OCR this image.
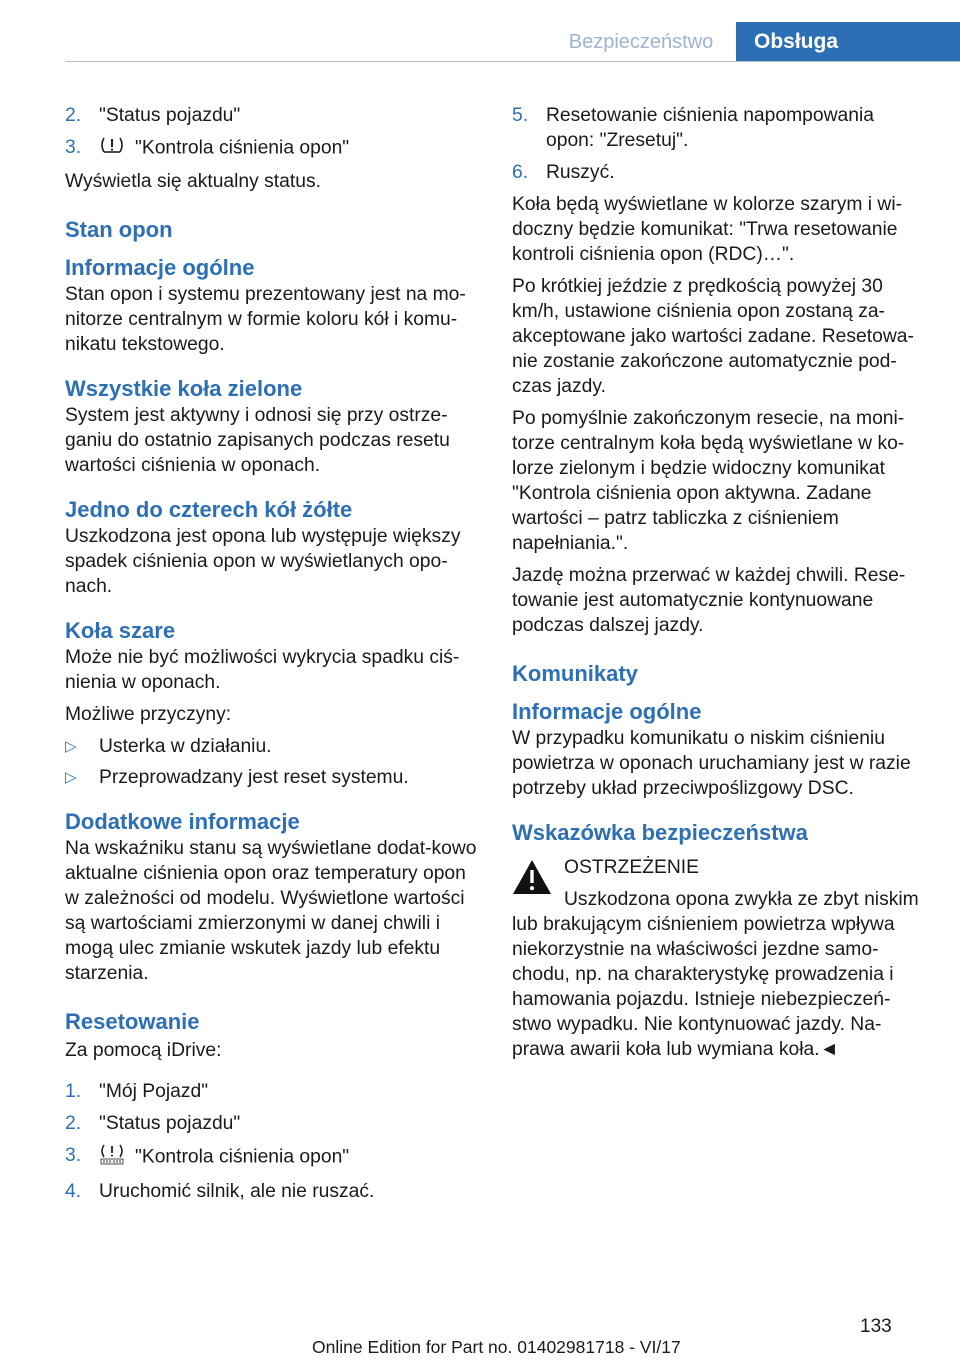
Bezpieczeństwo	Obsługa
2. "Status pojazdu"
3.	"Kontrola ciśnienia opon"

Wyświetla się aktualny status.

Stan opon
Informacje ogólne

Stan opon i systemu prezentowany jest na mo‐nitorze centralnym w formie koloru kół i komu‐nikatu tekstowego.

Wszystkie koła zielone

System jest aktywny i odnosi się przy ostrze‐ganiu do ostatnio zapisanych podczas resetu wartości ciśnienia w oponach.

Jedno do czterech kół żółte

Uszkodzona jest opona lub występuje większy spadek ciśnienia opon w wyświetlanych opo‐nach.

Koła szare

Może nie być możliwości wykrycia spadku ciś‐nienia w oponach.

Możliwe przyczyny:

▷	Usterka w działaniu.
▷	Przeprowadzany jest reset systemu.
Dodatkowe informacje

Na wskaźniku stanu są wyświetlane dodat‐kowo aktualne ciśnienia opon oraz temperatury opon w zależności od modelu. Wyświetlone wartości są wartościami zmierzonymi w danej chwili i mogą ulec zmianie wskutek jazdy lub efektu starzenia.

Resetowanie

Za pomocą iDrive:

1. "Mój Pojazd"
2. "Status pojazdu"
3.	"Kontrola ciśnienia opon"
4. Uruchomić silnik, ale nie ruszać.
5. Resetowanie ciśnienia napompowania opon: "Zresetuj".
6. Ruszyć.

Koła będą wyświetlane w kolorze szarym i wi‐doczny będzie komunikat: "Trwa resetowanie kontroli ciśnienia opon (RDC)…".

Po krótkiej jeździe z prędkością powyżej 30 km/h, ustawione ciśnienia opon zostaną za‐akceptowane jako wartości zadane. Resetowa‐nie zostanie zakończone automatycznie pod‐czas jazdy.

Po pomyślnie zakończonym resecie, na moni‐torze centralnym koła będą wyświetlane w ko‐lorze zielonym i będzie widoczny komunikat "Kontrola ciśnienia opon aktywna. Zadane wartości – patrz tabliczka z ciśnieniem napełniania.".

Jazdę można przerwać w każdej chwili. Rese‐towanie jest automatycznie kontynuowane podczas dalszej jazdy.

Komunikaty
Informacje ogólne

W przypadku komunikatu o niskim ciśnieniu powietrza w oponach uruchamiany jest w razie potrzeby układ przeciwpoślizgowy DSC.

Wskazówka bezpieczeństwa
OSTRZEŻENIE

Uszkodzona opona zwykła ze zbyt niskim lub brakującym ciśnieniem powietrza wpływa niekorzystnie na właściwości jezdne samo‐chodu, np. na charakterystykę prowadzenia i hamowania pojazdu. Istnieje niebezpieczeń‐stwo wypadku. Nie kontynuować jazdy. Na‐prawa awarii koła lub wymiana koła.◄

133
Online Edition for Part no. 01402981718 - VI/17
